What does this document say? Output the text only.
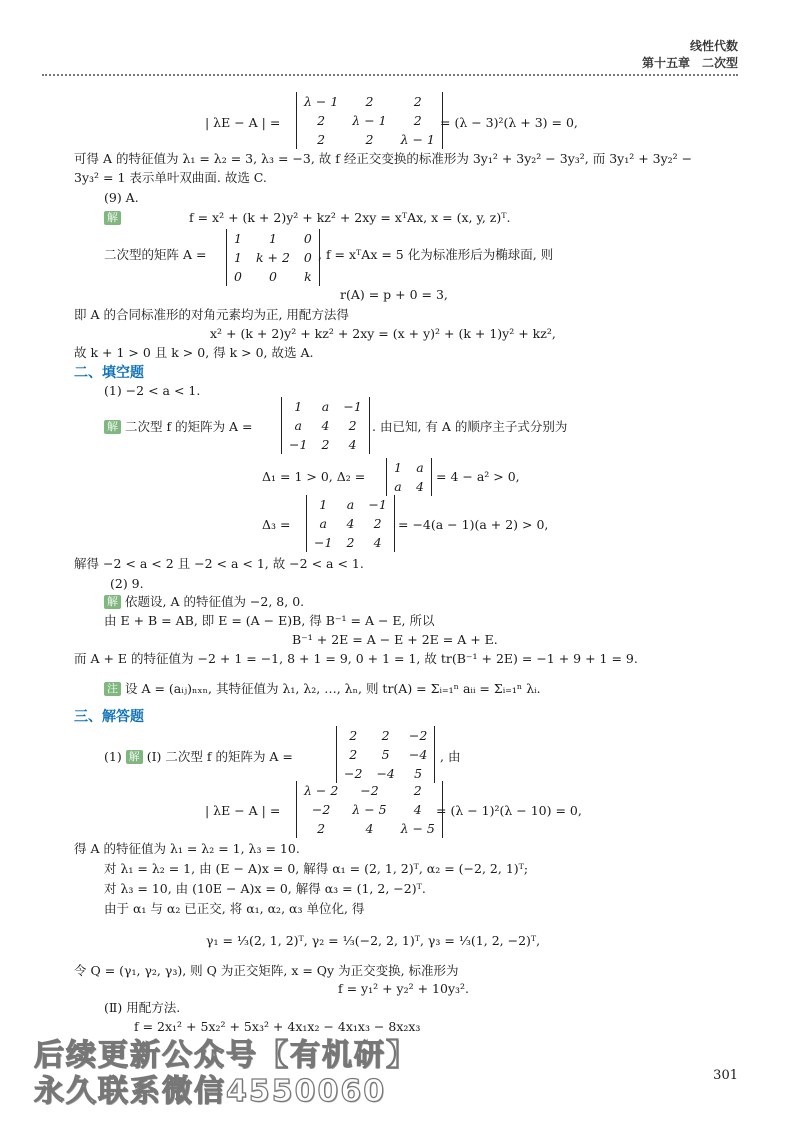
线性代数
第十五章　二次型
| λE − A | =
λ − 1	2	2
2	λ − 1	2
2	2	λ − 1
= (λ − 3)²(λ + 3) = 0,
可得 A 的特征值为 λ₁ = λ₂ = 3, λ₃ = −3, 故 f 经正交变换的标准形为 3y₁² + 3y₂² − 3y₃², 而 3y₁² + 3y₂² −
3y₃² = 1 表示单叶双曲面. 故选 C.
(9) A.
解	f = x² + (k + 2)y² + kz² + 2xy = xᵀAx, x = (x, y, z)ᵀ.
二次型的矩阵 A =
1	1	0
1	k + 2	0
0	0	k
, f = xᵀAx = 5 化为标准形后为椭球面, 则
r(A) = p + 0 = 3,
即 A 的合同标准形的对角元素均为正, 用配方法得
x² + (k + 2)y² + kz² + 2xy = (x + y)² + (k + 1)y² + kz²,
故 k + 1 > 0 且 k > 0, 得 k > 0, 故选 A.
二、填空题
(1) −2 < a < 1.
解 二次型 f 的矩阵为 A =
1	a	−1
a	4	2
−1	2	4
. 由已知, 有 A 的顺序主子式分别为
Δ₁ = 1 > 0, Δ₂ =
1	a
a	4
= 4 − a² > 0,
Δ₃ =
1	a	−1
a	4	2
−1	2	4
= −4(a − 1)(a + 2) > 0,
解得 −2 < a < 2 且 −2 < a < 1, 故 −2 < a < 1.
(2) 9.
解 依题设, A 的特征值为 −2, 8, 0.
由 E + B = AB, 即 E = (A − E)B, 得 B⁻¹ = A − E, 所以
B⁻¹ + 2E = A − E + 2E = A + E.
而 A + E 的特征值为 −2 + 1 = −1, 8 + 1 = 9, 0 + 1 = 1, 故 tr(B⁻¹ + 2E) = −1 + 9 + 1 = 9.
注 设 A = (aᵢⱼ)ₙₓₙ, 其特征值为 λ₁, λ₂, …, λₙ, 则 tr(A) = Σᵢ₌₁ⁿ aᵢᵢ = Σᵢ₌₁ⁿ λᵢ.
三、解答题
(1) 解 (Ⅰ) 二次型 f 的矩阵为 A =
2	2	−2
2	5	−4
−2	−4	5
, 由
| λE − A | =
λ − 2	−2	2
−2	λ − 5	4
2	4	λ − 5
= (λ − 1)²(λ − 10) = 0,
得 A 的特征值为 λ₁ = λ₂ = 1, λ₃ = 10.
对 λ₁ = λ₂ = 1, 由 (E − A)x = 0, 解得 α₁ = (2, 1, 2)ᵀ, α₂ = (−2, 2, 1)ᵀ;
对 λ₃ = 10, 由 (10E − A)x = 0, 解得 α₃ = (1, 2, −2)ᵀ.
由于 α₁ 与 α₂ 已正交, 将 α₁, α₂, α₃ 单位化, 得
γ₁ = ⅓(2, 1, 2)ᵀ, γ₂ = ⅓(−2, 2, 1)ᵀ, γ₃ = ⅓(1, 2, −2)ᵀ,
令 Q = (γ₁, γ₂, γ₃), 则 Q 为正交矩阵, x = Qy 为正交变换, 标准形为
f = y₁² + y₂² + 10y₃².
(Ⅱ) 用配方法.
f = 2x₁² + 5x₂² + 5x₃² + 4x₁x₂ − 4x₁x₃ − 8x₂x₃
后续更新公众号【有机研】
永久联系微信4550060	301
